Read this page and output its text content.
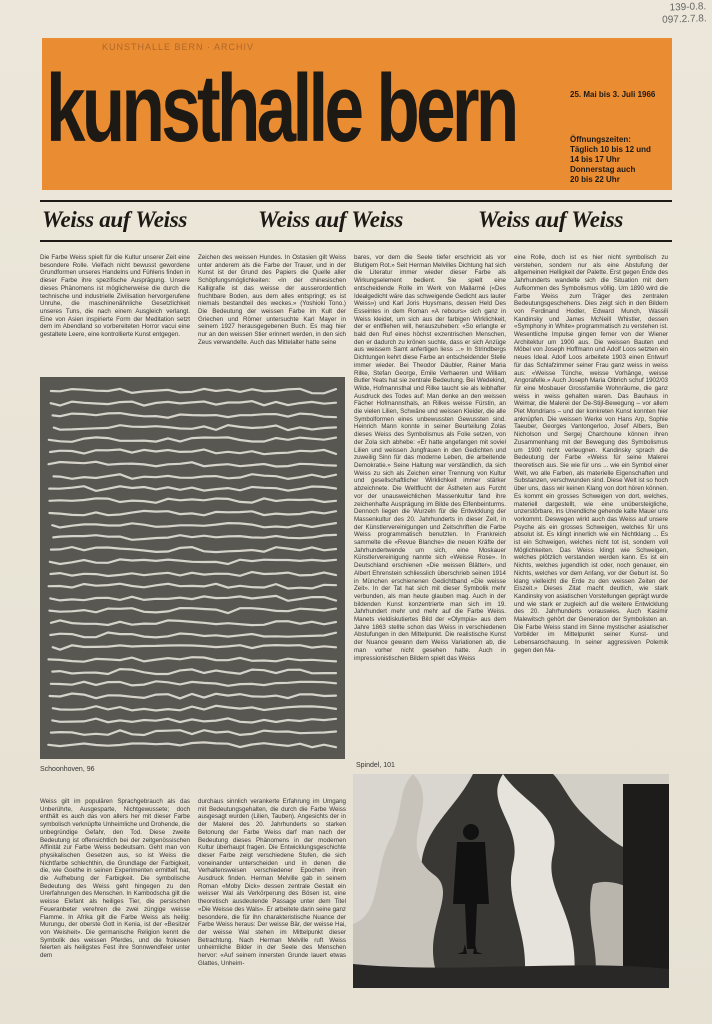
139-0.8.
097.2.7.8.
KUNSTHALLE BERN · ARCHIV
kunsthalle bern	25. Mai bis 3. Juli 1966
Öffnungszeiten:
Täglich 10 bis 12 und
14 bis 17 Uhr
Donnerstag auch
20 bis 22 Uhr
Weiss auf Weiss	Weiss auf Weiss	Weiss auf Weiss
Die Farbe Weiss spielt für die Kultur unserer Zeit eine besondere Rolle. Vielfach nicht bewusst gewordene Grundformen unseres Handelns und Fühlens finden in dieser Farbe ihre spezifische Ausprägung. Unsere dieses Phänomens ist möglicherweise die durch die technische und industrielle Zivilisation hervorgerufene Unruhe, die maschinenähnliche Gesetzlichkeit unseres Tuns, die nach einem Ausgleich verlangt. Eine von Asien inspirierte Form der Meditation setzt dem im Abendland so vorbereiteten Horror vacui eine gestaltete Leere, eine kontrollierte Kunst entgegen.
Zeichen des weissen Hundes. In Ostasien gilt Weiss unter anderem als die Farbe der Trauer, und in der Kunst ist der Grund des Papiers die Quelle aller Schöpfungsmöglichkeiten: «In der chinesischen Kalligrafie ist das weisse der ausserordentlich fruchtbare Boden, aus dem alles entspringt; es ist niemals bestandteil des weckes.» (Yoshioki Tono.) Die Bedeutung der weissen Farbe im Kult der Griechen und Römer untersuchte Karl Mayer in seinem 1927 herausgegebenen Buch. Es mag hier nur an den weissen Stier erinnert werden, in den sich Zeus verwandelte. Auch das Mittelalter hatte seine
bares, vor dem die Seele tiefer erschrickt als vor Blutigem Rot.» Seit Herman Melvilles Dichtung hat sich die Literatur immer wieder dieser Farbe als Wirkungselement bedient. Sie spielt eine entscheidende Rolle im Werk von Mallarmé («Des Idealgedicht wäre das schweigende Gedicht aus lauter Weiss») und Karl Joris Huysmans, dessen Held Des Esseintes in dem Roman «A rebours» sich ganz in Weiss kleidet, um sich aus der farbigen Wirklichkeit, der er entfliehen will, herauszuheben: «So erlangte er bald den Ruf eines höchst exzentrischen Menschen, den er dadurch zu krönen suchte, dass er sich Anzüge aus weissem Samt anfertigen liess ...» In Strindbergs Dichtungen kehrt diese Farbe an entscheidender Stelle immer wieder. Bei Theodor Däubler, Rainer Maria Rilke, Stefan George, Emile Verhaeren und William Butler Yeats hat sie zentrale Bedeutung. Bei Wedekind, Wilde, Hofmannsthal und Rilke taucht sie als leibhafter Ausdruck des Todes auf: Man denke an den weissen Fächer Hofmannsthals, an Rilkes weisse Fürstin, an die vielen Lilien, Schwäne und weissen Kleider, die alle Symbolformen eines unbewussten Gewussten sind. Heinrich Mann konnte in seiner Beurteilung Zolas dieses Weiss des Symbolismus als Folie setzen, von der Zola sich abhebe: «Er hatte angefangen mit soviel Lilien und weissen Jungfrauen in den Gedichten und zuweilig Sinn für das moderne Leben, die arbeitende Demokratie.» Seine Haltung war verständlich, da sich Weiss zu sich als Zeichen einer Trennung von Kultur und gesellschaftlicher Wirklichkeit immer stärker abzeichnete. Die Weltflucht der Ästheten aus Furcht vor der unausweichlichen Massenkultur fand ihre zeichenhafte Ausprägung im Bilde des Elfenbeinturms. Dennoch liegen die Wurzeln für die Entwicklung der Massenkultur des 20. Jahrhunderts in dieser Zeit, in der Künstlervereinigungen und Zeitschriften die Farbe Weiss programmatisch benutzten. In Frankreich sammelte die «Revue Blanche» die neuen Kräfte der Jahrhundertwende um sich, eine Moskauer Künstlervereinigung nannte sich «Weisse Rose». In Deutschland erschienen «Die weissen Blätter», und Albert Ehrenstein schliesslich überschrieb seinen 1914 in München erschienenen Gedichtband «Die weisse Zeit». In der Tat hat sich mit dieser Symbolik mehr verbunden, als man heute glauben mag. Auch in der bildenden Kunst konzentrierte man sich im 19. Jahrhundert mehr und mehr auf die Farbe Weiss. Manets vieldiskutiertes Bild der «Olympia» aus dem Jahre 1863 stellte schon das Weiss in verschiedenen Abstufungen in den Mittelpunkt. Die realistische Kunst der Nuance gewann dem Weiss Variationen ab, die man vorher nicht gesehen hatte. Auch in impressionistischen Bildern spielt das Weiss
eine Rolle, doch ist es hier nicht symbolisch zu verstehen, sondern nur als eine Abstufung der allgemeinen Helligkeit der Palette. Erst gegen Ende des Jahrhunderts wandelte sich die Situation mit dem Aufkommen des Symbolismus völlig. Um 1890 wird die Farbe Weiss zum Träger des zentralen Bedeutungsgeschehens. Dies zeigt sich in den Bildern von Ferdinand Hodler, Edward Munch, Wassili Kandinsky und James McNeill Whistler, dessen «Symphony in White» programmatisch zu verstehen ist. Wesentliche Impulse gingen ferner von der Wiener Architektur um 1900 aus. Die weissen Bauten und Möbel von Joseph Hoffmann und Adolf Loos setzten ein neues Ideal. Adolf Loos arbeitete 1903 einen Entwurf für das Schlafzimmer seiner Frau ganz weiss in weiss aus: «Weisse Tünche, weisse Vorhänge, weisse Angorafelle.» Auch Joseph Maria Olbrich schuf 1902/03 für eine Mosbauer Grossfamilie Wohnräume, die ganz weiss in weiss gehalten waren. Das Bauhaus in Weimar, die Malerei der De-Stijl-Bewegung – vor allem Piet Mondrians – und der konkreten Kunst konnten hier anknüpfen. Die weissen Werke von Hans Arp, Sophie Taeuber, Georges Vantongerloo, Josef Albers, Ben Nicholson und Sergej Charchoune können ihren Zusammenhang mit der Bewegung des Symbolismus um 1900 nicht verleugnen. Kandinsky sprach die Bedeutung der Farbe «Weiss für seine Malerei theoretisch aus. Sie wie für uns ... wie ein Symbol einer Welt, wo alle Farben, als materielle Eigenschaften und Substanzen, verschwunden sind. Diese Welt ist so hoch über uns, dass wir keinen Klang von dort hören können. Es kommt ein grosses Schweigen von dort, welches, materiell dargestellt, wie eine unübersteigliche, unzerstörbare, ins Unendliche gehende kalte Mauer uns vorkommt. Deswegen wirkt auch das Weiss auf unsere Psyche als ein grosses Schweigen, welches für uns absolut ist. Es klingt innerlich wie ein Nichtklang ... Es ist ein Schweigen, welches nicht tot ist, sondern voll Möglichkeiten. Das Weiss klingt wie Schweigen, welches plötzlich verstanden werden kann. Es ist ein Nichts, welches jugendlich ist oder, noch genauer, ein Nichts, welches vor dem Anfang, vor der Geburt ist. So klang vielleicht die Erde zu den weissen Zeiten der Eiszeit.» Dieses Zitat macht deutlich, wie stark Kandinsky von asiatischen Vorstellungen geprägt wurde und wie stark er zugleich auf die weitere Entwicklung des 20. Jahrhunderts vorauswies. Auch Kasimir Malewitsch gehört der Generation der Symbolisten an. Die Farbe Weiss stand im Sinne mystischer asiatischer Vorbilder im Mittelpunkt seiner Kunst- und Lebensanschauung. In seiner aggressiven Polemik gegen den Ma-
Schoonhoven, 96
Spindel, 101
Weiss gilt im populären Sprachgebrauch als das Unberührte, Ausgesparte, Nichtgewussete; doch enthält es auch das von allers her mit dieser Farbe symbolisch verknüpfte Unheimliche und Drohende, die unbegründige Gefahr, den Tod. Diese zweite Bedeutung ist offensichtlich bei der zeitgenössischen Affinität zur Farbe Weiss bedeutsam. Geht man von physikalischen Gesetzen aus, so ist Weiss die Nichtfarbe schlechthin, die Grundlage der Farbigkeit, die, wie Goethe in seinen Experimenten ermittelt hat, die Aufhebung der Farbigkeit. Die symbolische Bedeutung des Weiss geht hingegen zu den Urerfahrungen des Menschen. In Kambodscha gilt die weisse Elefant als heiliges Tier, die persischen Feueranbeter verehren die zwei züngige weisse Flamme. In Afrika gilt die Farbe Weiss als heilig: Murungu, der oberste Gott in Kenia, ist der «Besitzer von Weisheit». Die germanische Religion kennt die Symbolik des weissen Pferdes, und die frokesen feierten als heiligstes Fest ihre Sonnwendfeier unter dem
durchaus sinnlich verankerte Erfahrung im Umgang mit Bedeutungsgehalten, die durch die Farbe Weiss ausgesagt wurden (Lilien, Tauben). Angesichts der in der Malerei des 20. Jahrhunderts so starken Betonung der Farbe Weiss darf man nach der Bedeutung dieses Phänomens in der modernen Kultur überhaupt fragen. Die Entwicklungsgeschichte dieser Farbe zeigt verschiedene Stufen, die sich voneinander unterscheiden und in denen die Verhaltensweisen verschiedener Epochen ihren Ausdruck finden. Herman Melville gab in seinem Roman «Moby Dick» dessen zentrale Gestalt ein weisser Wal als Verkörperung des Bösen ist, eine theoretisch ausdeutende Passage unter dem Titel «Die Weisse des Wals». Er arbeitete darin seine ganz besondere, die für ihn charakteristische Nuance der Farbe Weiss heraus: Der weisse Bär, der weisse Hai, der weisse Wal stehen im Mittelpunkt dieser Betrachtung. Nach Herman Melville ruft Weiss unheimliche Bilder in der Seele des Menschen hervor: «Auf seinem innersten Grunde lauert etwas Glattes, Unheim-
